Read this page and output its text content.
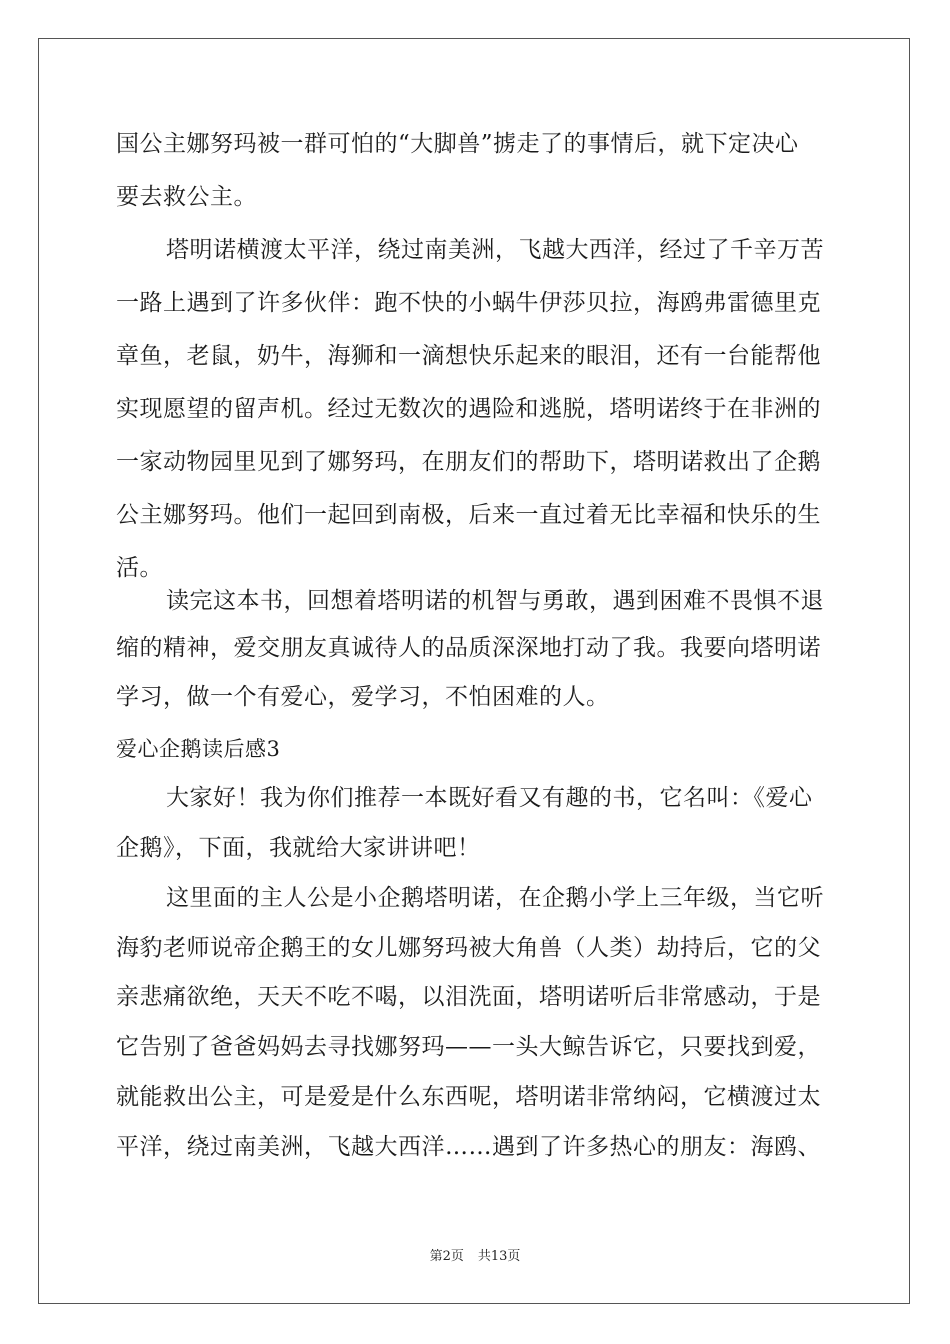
国公主娜努玛被一群可怕的“大脚兽”掳走了的事情后，就下定决心
要去救公主。
塔明诺横渡太平洋，绕过南美洲，飞越大西洋，经过了千辛万苦
一路上遇到了许多伙伴：跑不快的小蜗牛伊莎贝拉，海鸥弗雷德里克
章鱼，老鼠，奶牛，海狮和一滴想快乐起来的眼泪，还有一台能帮他
实现愿望的留声机。经过无数次的遇险和逃脱，塔明诺终于在非洲的
一家动物园里见到了娜努玛，在朋友们的帮助下，塔明诺救出了企鹅
公主娜努玛。他们一起回到南极，后来一直过着无比幸福和快乐的生
活。
读完这本书，回想着塔明诺的机智与勇敢，遇到困难不畏惧不退
缩的精神，爱交朋友真诚待人的品质深深地打动了我。我要向塔明诺
学习，做一个有爱心，爱学习，不怕困难的人。
爱心企鹅读后感3
大家好！我为你们推荐一本既好看又有趣的书，它名叫：《爱心
企鹅》，下面，我就给大家讲讲吧！
这里面的主人公是小企鹅塔明诺，在企鹅小学上三年级，当它听
海豹老师说帝企鹅王的女儿娜努玛被大角兽（人类）劫持后，它的父
亲悲痛欲绝，天天不吃不喝，以泪洗面，塔明诺听后非常感动，于是
它告别了爸爸妈妈去寻找娜努玛——一头大鲸告诉它，只要找到爱，
就能救出公主，可是爱是什么东西呢，塔明诺非常纳闷，它横渡过太
平洋，绕过南美洲，飞越大西洋……遇到了许多热心的朋友：海鸥、
第2页 共13页
